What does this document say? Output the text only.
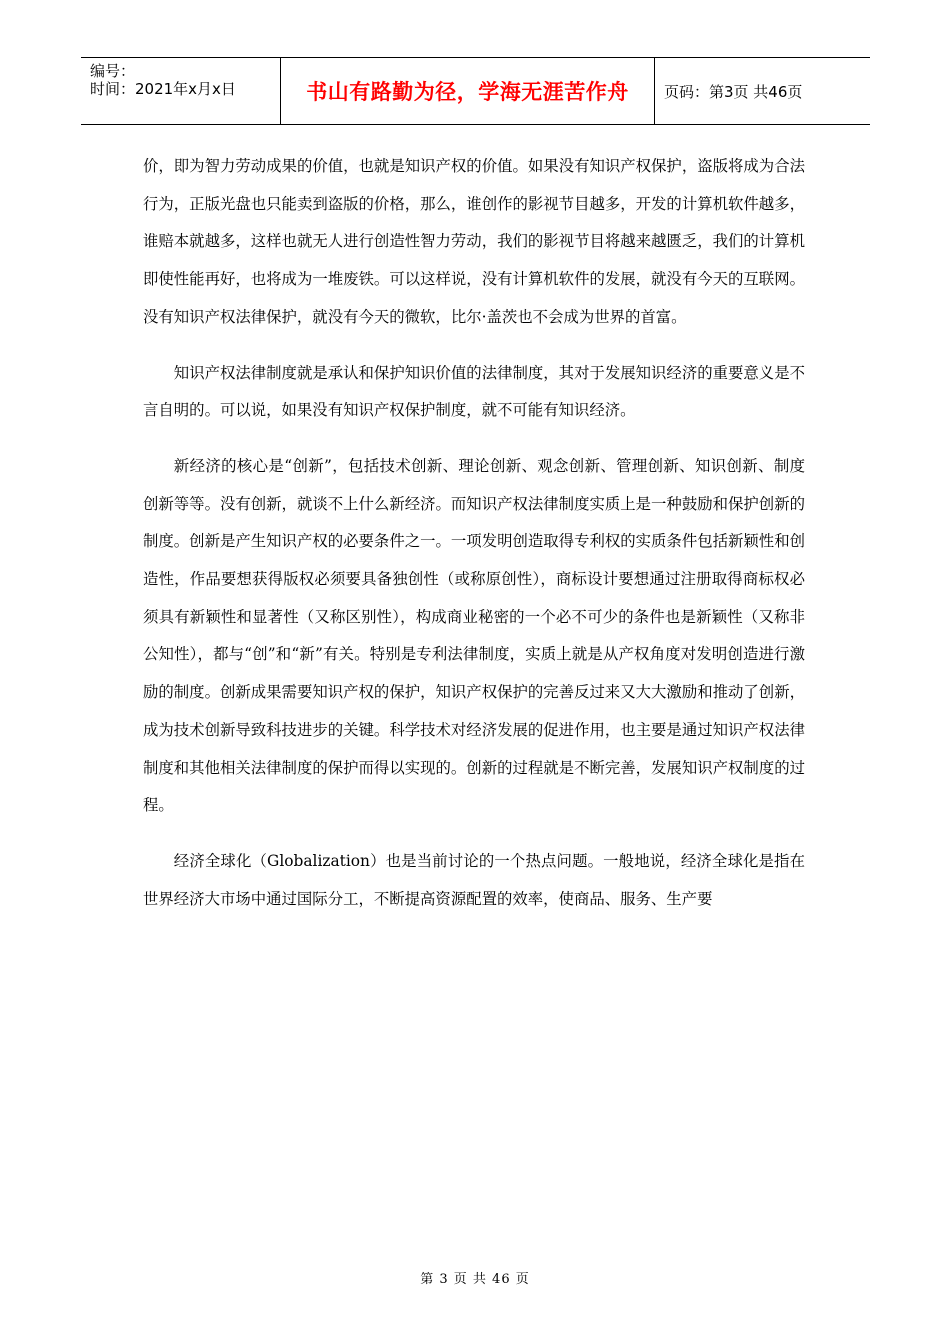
编号：
时间：2021年x月x日	书山有路勤为径，学海无涯苦作舟 页码：第3页 共46页

价，即为智力劳动成果的价值，也就是知识产权的价值。如果没有知识产权保护，盗版将成为合法行为，正版光盘也只能卖到盗版的价格，那么，谁创作的影视节目越多，开发的计算机软件越多，谁赔本就越多，这样也就无人进行创造性智力劳动，我们的影视节目将越来越匮乏，我们的计算机即使性能再好，也将成为一堆废铁。可以这样说，没有计算机软件的发展，就没有今天的互联网。没有知识产权法律保护，就没有今天的微软，比尔·盖茨也不会成为世界的首富。

知识产权法律制度就是承认和保护知识价值的法律制度，其对于发展知识经济的重要意义是不言自明的。可以说，如果没有知识产权保护制度，就不可能有知识经济。

新经济的核心是“创新”，包括技术创新、理论创新、观念创新、管理创新、知识创新、制度创新等等。没有创新，就谈不上什么新经济。而知识产权法律制度实质上是一种鼓励和保护创新的制度。创新是产生知识产权的必要条件之一。一项发明创造取得专利权的实质条件包括新颖性和创造性，作品要想获得版权必须要具备独创性（或称原创性），商标设计要想通过注册取得商标权必须具有新颖性和显著性（又称区别性），构成商业秘密的一个必不可少的条件也是新颖性（又称非公知性），都与“创”和“新”有关。特别是专利法律制度，实质上就是从产权角度对发明创造进行激励的制度。创新成果需要知识产权的保护，知识产权保护的完善反过来又大大激励和推动了创新，成为技术创新导致科技进步的关键。科学技术对经济发展的促进作用，也主要是通过知识产权法律制度和其他相关法律制度的保护而得以实现的。创新的过程就是不断完善，发展知识产权制度的过程。

经济全球化（Globalization）也是当前讨论的一个热点问题。一般地说，经济全球化是指在世界经济大市场中通过国际分工，不断提高资源配置的效率，使商品、服务、生产要

第 3 页 共 46 页
